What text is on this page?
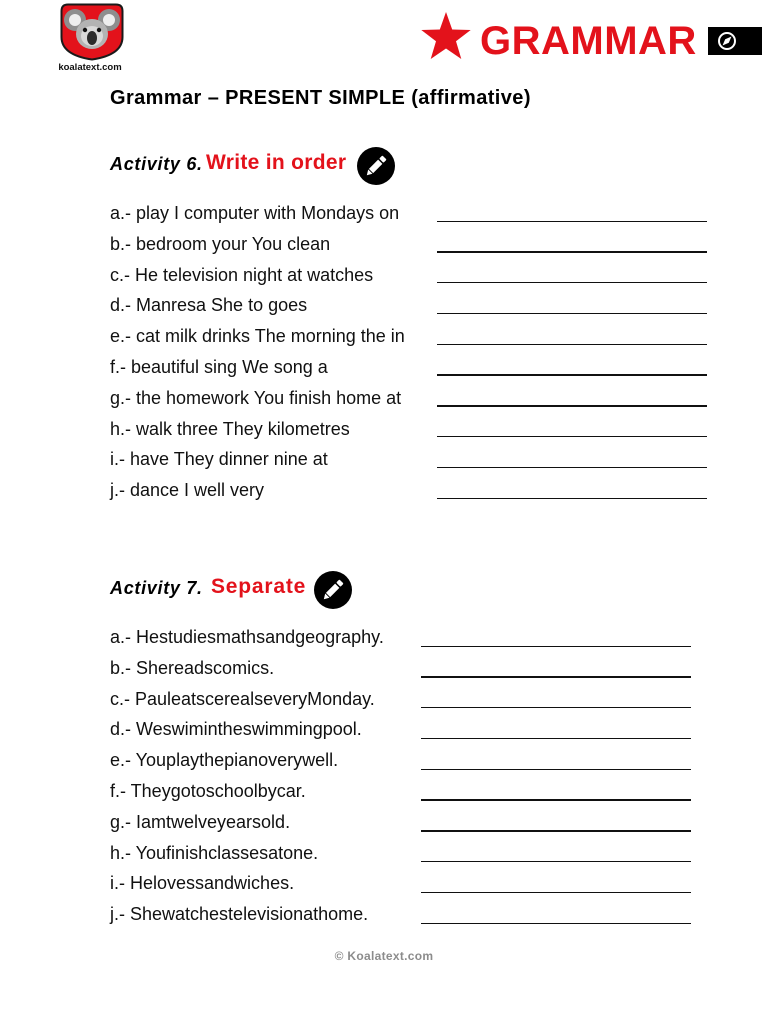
koalatext.com
GRAMMAR
Grammar – PRESENT SIMPLE (affirmative)
Activity 6. Write in order
a.- play I computer with Mondays on
b.- bedroom your You clean
c.- He television night at watches
d.- Manresa She to goes
e.- cat milk drinks The morning the in
f.- beautiful sing We song a
g.- the homework You finish home at
h.- walk three They kilometres
i.- have They dinner nine at
j.- dance I well very
Activity 7. Separate
a.- Hestudiesmathsandgeography.
b.- Shereadscomics.
c.- PauleatscerealseveryMonday.
d.- Weswimintheswimmingpool.
e.- Youplaythepianoverywell.
f.- Theygotoschoolbycar.
g.- Iamtwelveyearsold.
h.- Youfinishclassesatone.
i.- Helovessandwiches.
j.- Shewatchestelevisionathome.
© Koalatext.com
